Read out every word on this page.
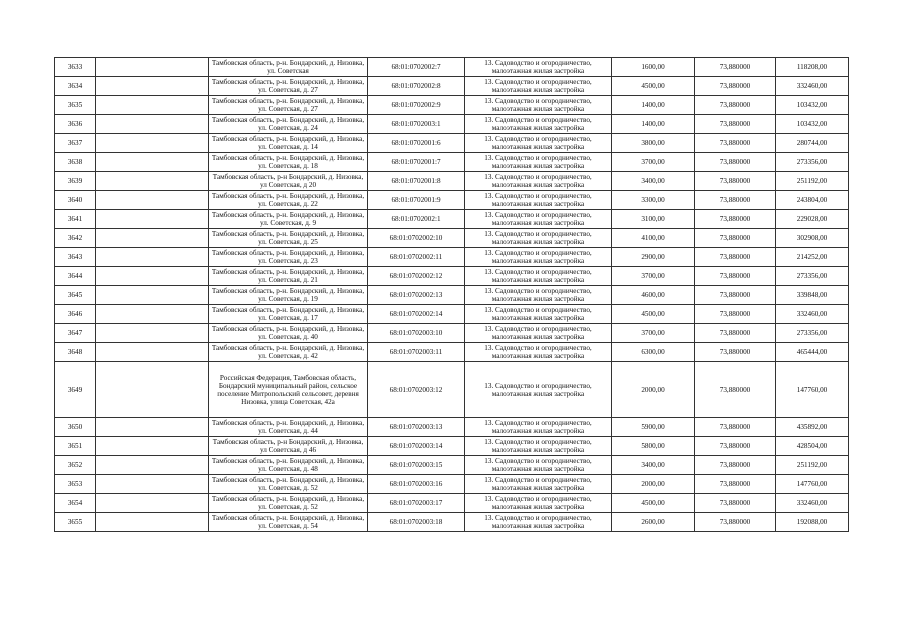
3633		Тамбовская область, р-н. Бондарский, д. Низовка, ул. Советская	68:01:0702002:7	13. Садоводство и огородничество, малоэтажная жилая застройка	1600,00	73,880000	118208,00
3634		Тамбовская область, р-н. Бондарский, д. Низовка, ул. Советская, д. 27	68:01:0702002:8	13. Садоводство и огородничество, малоэтажная жилая застройка	4500,00	73,880000	332460,00
3635		Тамбовская область, р-н. Бондарский, д. Низовка, ул. Советская, д. 27	68:01:0702002:9	13. Садоводство и огородничество, малоэтажная жилая застройка	1400,00	73,880000	103432,00
3636		Тамбовская область, р-н. Бондарский, д. Низовка, ул. Советская, д. 24	68:01:0702003:1	13. Садоводство и огородничество, малоэтажная жилая застройка	1400,00	73,880000	103432,00
3637		Тамбовская область, р-н. Бондарский, д. Низовка, ул. Советская, д. 14	68:01:0702001:6	13. Садоводство и огородничество, малоэтажная жилая застройка	3800,00	73,880000	280744,00
3638		Тамбовская область, р-н. Бондарский, д. Низовка, ул. Советская, д. 18	68:01:0702001:7	13. Садоводство и огородничество, малоэтажная жилая застройка	3700,00	73,880000	273356,00
3639		Тамбовская область, р-н Бондарский, д. Низовка, ул Советская, д 20	68:01:0702001:8	13. Садоводство и огородничество, малоэтажная жилая застройка	3400,00	73,880000	251192,00
3640		Тамбовская область, р-н. Бондарский, д. Низовка, ул. Советская, д. 22	68:01:0702001:9	13. Садоводство и огородничество, малоэтажная жилая застройка	3300,00	73,880000	243804,00
3641		Тамбовская область, р-н. Бондарский, д. Низовка, ул. Советская, д. 9	68:01:0702002:1	13. Садоводство и огородничество, малоэтажная жилая застройка	3100,00	73,880000	229028,00
3642		Тамбовская область, р-н. Бондарский, д. Низовка, ул. Советская, д. 25	68:01:0702002:10	13. Садоводство и огородничество, малоэтажная жилая застройка	4100,00	73,880000	302908,00
3643		Тамбовская область, р-н. Бондарский, д. Низовка, ул. Советская, д. 23	68:01:0702002:11	13. Садоводство и огородничество, малоэтажная жилая застройка	2900,00	73,880000	214252,00
3644		Тамбовская область, р-н. Бондарский, д. Низовка, ул. Советская, д. 21	68:01:0702002:12	13. Садоводство и огородничество, малоэтажная жилая застройка	3700,00	73,880000	273356,00
3645		Тамбовская область, р-н. Бондарский, д. Низовка, ул. Советская, д. 19	68:01:0702002:13	13. Садоводство и огородничество, малоэтажная жилая застройка	4600,00	73,880000	339848,00
3646		Тамбовская область, р-н. Бондарский, д. Низовка, ул. Советская, д. 17	68:01:0702002:14	13. Садоводство и огородничество, малоэтажная жилая застройка	4500,00	73,880000	332460,00
3647		Тамбовская область, р-н. Бондарский, д. Низовка, ул. Советская, д. 40	68:01:0702003:10	13. Садоводство и огородничество, малоэтажная жилая застройка	3700,00	73,880000	273356,00
3648		Тамбовская область, р-н. Бондарский, д. Низовка, ул. Советская, д. 42	68:01:0702003:11	13. Садоводство и огородничество, малоэтажная жилая застройка	6300,00	73,880000	465444,00
3649		Российская Федерация, Тамбовская область, Бондарский муниципальный район, сельское поселение Митропольский сельсовет, деревня Низовка, улица Советская, 42а	68:01:0702003:12	13. Садоводство и огородничество, малоэтажная жилая застройка	2000,00	73,880000	147760,00
3650		Тамбовская область, р-н. Бондарский, д. Низовка, ул. Советская, д. 44	68:01:0702003:13	13. Садоводство и огородничество, малоэтажная жилая застройка	5900,00	73,880000	435892,00
3651		Тамбовская область, р-н Бондарский, д. Низовка, ул Советская, д 46	68:01:0702003:14	13. Садоводство и огородничество, малоэтажная жилая застройка	5800,00	73,880000	428504,00
3652		Тамбовская область, р-н. Бондарский, д. Низовка, ул. Советская, д. 48	68:01:0702003:15	13. Садоводство и огородничество, малоэтажная жилая застройка	3400,00	73,880000	251192,00
3653		Тамбовская область, р-н. Бондарский, д. Низовка, ул. Советская, д. 52	68:01:0702003:16	13. Садоводство и огородничество, малоэтажная жилая застройка	2000,00	73,880000	147760,00
3654		Тамбовская область, р-н. Бондарский, д. Низовка, ул. Советская, д. 52	68:01:0702003:17	13. Садоводство и огородничество, малоэтажная жилая застройка	4500,00	73,880000	332460,00
3655		Тамбовская область, р-н. Бондарский, д. Низовка, ул. Советская, д. 54	68:01:0702003:18	13. Садоводство и огородничество, малоэтажная жилая застройка	2600,00	73,880000	192088,00
